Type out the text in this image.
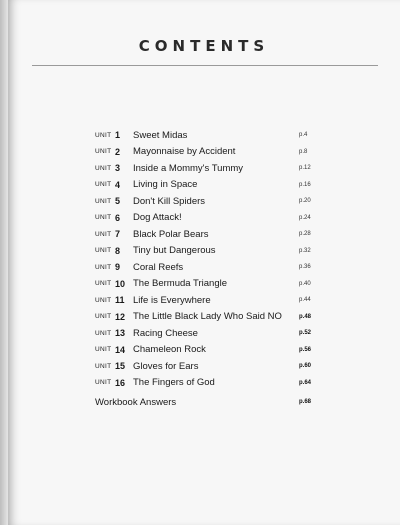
CONTENTS
UNIT 1	Sweet Midas	p.4
UNIT 2	Mayonnaise by Accident	p.8
UNIT 3	Inside a Mommy's Tummy	p.12
UNIT 4	Living in Space	p.16
UNIT 5	Don't Kill Spiders	p.20
UNIT 6	Dog Attack!	p.24
UNIT 7	Black Polar Bears	p.28
UNIT 8	Tiny but Dangerous	p.32
UNIT 9	Coral Reefs	p.36
UNIT 10 The Bermuda Triangle	p.40
UNIT 11 Life is Everywhere	p.44
UNIT 12 The Little Black Lady Who Said NO	p.48
UNIT 13 Racing Cheese	p.52
UNIT 14 Chameleon Rock	p.56
UNIT 15 Gloves for Ears	p.60
UNIT 16 The Fingers of God	p.64
Workbook Answers	p.68
